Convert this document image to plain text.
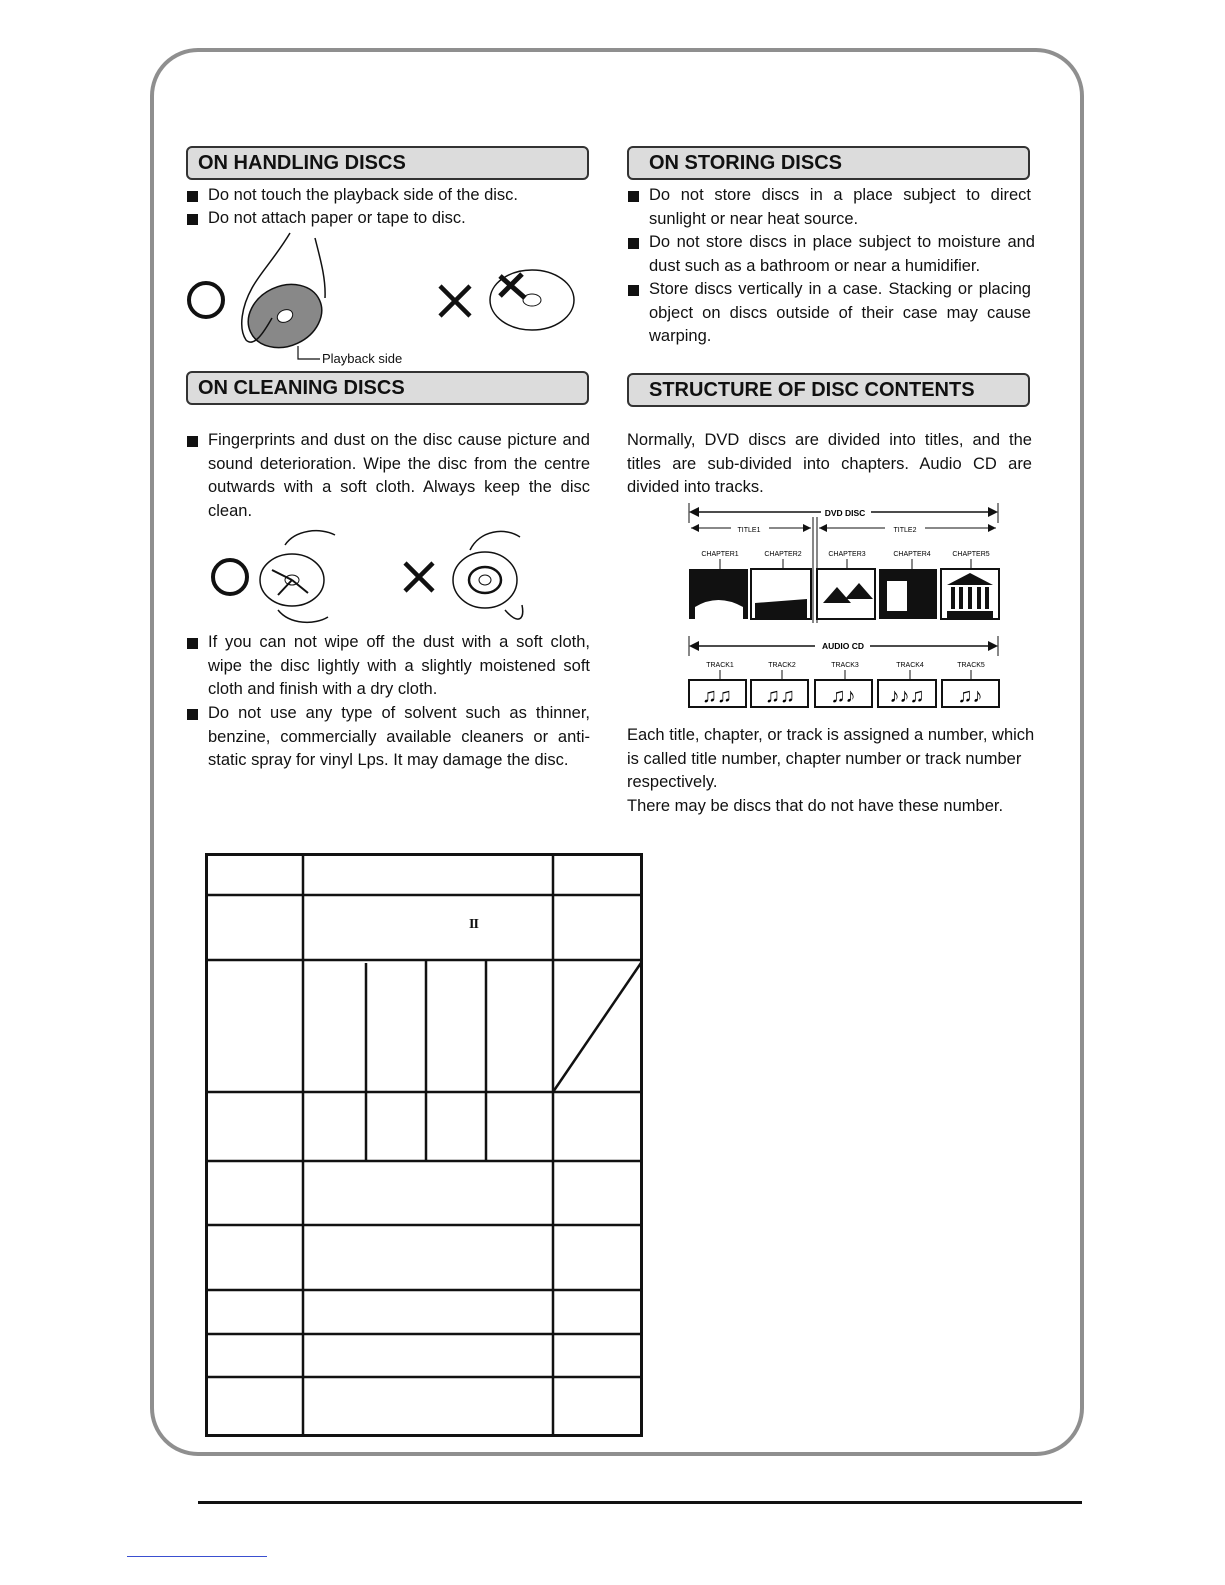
ON HANDLING DISCS
Do not touch the playback side of the disc.
Do not attach paper or tape to disc.
Playback side
ON STORING DISCS
Do not store discs in a place subject to direct sunlight or near heat source.
Do not store discs in place subject to moisture and dust such as a bathroom or near a humidifier.
Store discs vertically in a case. Stacking or placing object on discs outside of their case may cause warping.
ON CLEANING DISCS
Fingerprints and dust on the disc cause picture and sound deterioration. Wipe the disc from the centre outwards with a soft cloth. Always keep the disc clean.
If you can not wipe off the dust with a soft cloth, wipe the disc lightly with a slightly moistened soft cloth and finish with a dry cloth.
Do not use any type of solvent such as thinner, benzine, commercially available cleaners or anti-static spray for vinyl Lps. It may damage the disc.
STRUCTURE OF DISC CONTENTS
Normally, DVD discs are divided into titles, and the titles are sub-divided into chapters. Audio CD are divided into tracks.
DVD DISC
TITLE1	TITLE2
CHAPTER1	CHAPTER2	CHAPTER3	CHAPTER4	CHAPTER5
AUDIO CD
TRACK1	TRACK2	TRACK3	TRACK4	TRACK5
♫♫ ♫♫ ♫♪ ♪♪♫ ♫♪

Each title, chapter, or track is assigned a number, which is called title number, chapter number or track number respectively.

There may be discs that do not have these number.

II
